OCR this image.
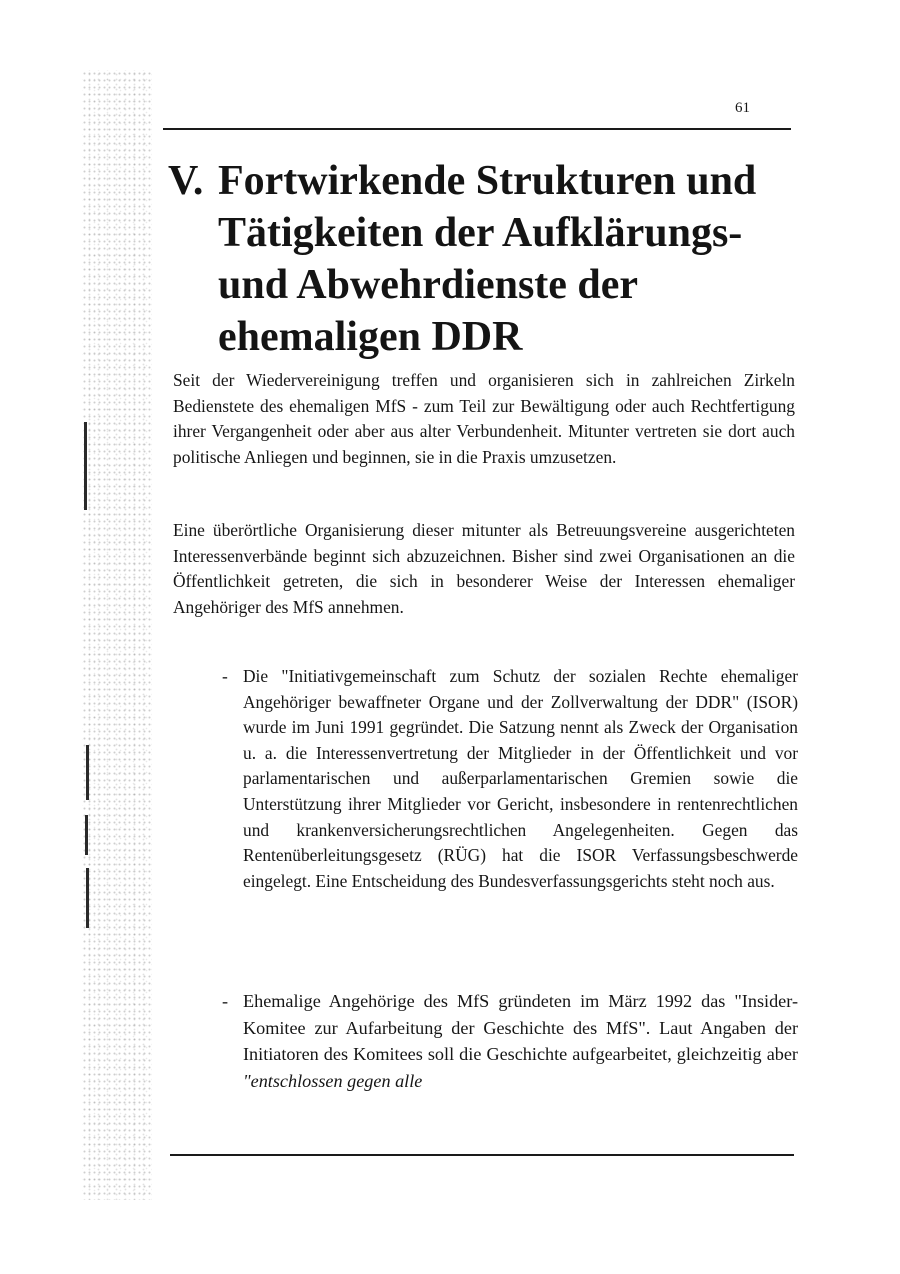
61

V. Fortwirkende Strukturen und
Tätigkeiten der Aufklärungs-
und Abwehrdienste der
ehemaligen DDR

Seit der Wiedervereinigung treffen und organisieren sich in zahlreichen Zirkeln Bedienstete des ehemaligen MfS - zum Teil zur Bewältigung oder auch Rechtfertigung ihrer Vergangenheit oder aber aus alter Verbundenheit. Mitunter vertreten sie dort auch politische Anliegen und beginnen, sie in die Praxis umzusetzen.

Eine überörtliche Organisierung dieser mitunter als Betreuungsvereine ausgerichteten Interessenverbände beginnt sich abzuzeichnen. Bisher sind zwei Organisationen an die Öffentlichkeit getreten, die sich in besonderer Weise der Interessen ehemaliger Angehöriger des MfS annehmen.

- Die "Initiativgemeinschaft zum Schutz der sozialen Rechte ehemaliger Angehöriger bewaffneter Organe und der Zollverwaltung der DDR" (ISOR) wurde im Juni 1991 gegründet. Die Satzung nennt als Zweck der Organisation u. a. die Interessenvertretung der Mitglieder in der Öffentlichkeit und vor parlamentarischen und außerparlamentarischen Gremien sowie die Unterstützung ihrer Mitglieder vor Gericht, insbesondere in rentenrechtlichen und krankenversicherungsrechtlichen Angelegenheiten. Gegen das Rentenüberleitungsgesetz (RÜG) hat die ISOR Verfassungsbeschwerde eingelegt. Eine Entscheidung des Bundesverfassungsgerichts steht noch aus.

- Ehemalige Angehörige des MfS gründeten im März 1992 das "Insider-Komitee zur Aufarbeitung der Geschichte des MfS". Laut Angaben der Initiatoren des Komitees soll die Geschichte aufgearbeitet, gleichzeitig aber "entschlossen gegen alle
